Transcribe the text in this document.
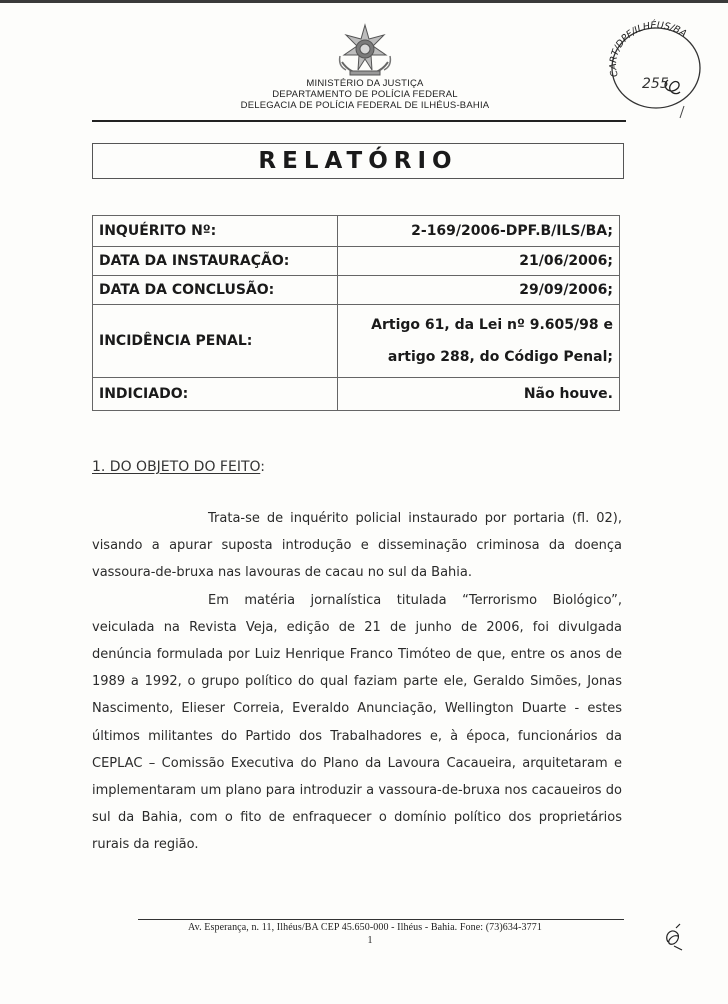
CART/DPF/ILHÉUS/BA
255
MINISTÉRIO DA JUSTIÇA
DEPARTAMENTO DE POLÍCIA FEDERAL
DELEGACIA DE POLÍCIA FEDERAL DE ILHÉUS-BAHIA
RELATÓRIO
INQUÉRITO Nº:	2-169/2006-DPF.B/ILS/BA;
DATA DA INSTAURAÇÃO:	21/06/2006;
DATA DA CONCLUSÃO:	29/09/2006;
INCIDÊNCIA PENAL:	Artigo 61, da Lei nº 9.605/98 e
artigo 288, do Código Penal;

INDICIADO:	Não houve.
1. DO OBJETO DO FEITO:

Trata-se de inquérito policial instaurado por portaria (fl. 02), visando a apurar suposta introdução e disseminação criminosa da doença vassoura-de-bruxa nas lavouras de cacau no sul da Bahia.

Em matéria jornalística titulada “Terrorismo Biológico”, veiculada na Revista Veja, edição de 21 de junho de 2006, foi divulgada denúncia formulada por Luiz Henrique Franco Timóteo de que, entre os anos de 1989 a 1992, o grupo político do qual faziam parte ele, Geraldo Simões, Jonas Nascimento, Elieser Correia, Everaldo Anunciação, Wellington Duarte - estes últimos militantes do Partido dos Trabalhadores e, à época, funcionários da CEPLAC – Comissão Executiva do Plano da Lavoura Cacaueira, arquitetaram e implementaram um plano para introduzir a vassoura-de-bruxa nos cacaueiros do sul da Bahia, com o fito de enfraquecer o domínio político dos proprietários rurais da região.

Av. Esperança, n. 11, Ilhéus/BA CEP 45.650-000 - Ilhéus - Bahia. Fone: (73)634-3771
1
